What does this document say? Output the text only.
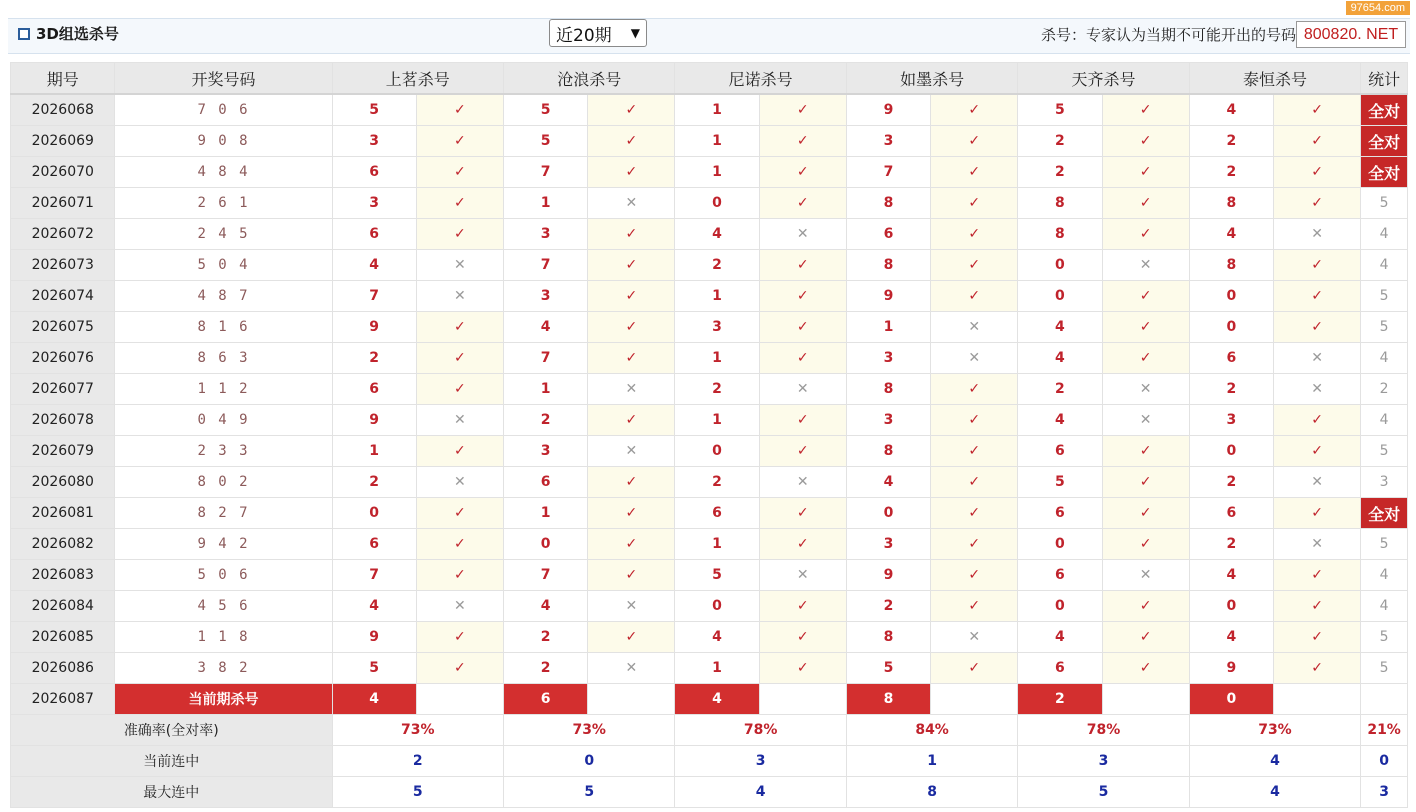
3D组选杀号	近20期 ▼	杀号：专家认为当期不可能开出的号码 800820. NET
97654.com
期号	开奖号码	上茗杀号		沧浪杀号		尼诺杀号		如墨杀号		天齐杀号		泰恒杀号		统计
2026068	7 0 6	5	✓	5	✓	1	✓	9	✓	5	✓	4	✓	全对
2026069	9 0 8	3	✓	5	✓	1	✓	3	✓	2	✓	2	✓	全对
2026070	4 8 4	6	✓	7	✓	1	✓	7	✓	2	✓	2	✓	全对
2026071	2 6 1	3	✓	1	✕	0	✓	8	✓	8	✓	8	✓	5
2026072	2 4 5	6	✓	3	✓	4	✕	6	✓	8	✓	4	✕	4
2026073	5 0 4	4	✕	7	✓	2	✓	8	✓	0	✕	8	✓	4
2026074	4 8 7	7	✕	3	✓	1	✓	9	✓	0	✓	0	✓	5
2026075	8 1 6	9	✓	4	✓	3	✓	1	✕	4	✓	0	✓	5
2026076	8 6 3	2	✓	7	✓	1	✓	3	✕	4	✓	6	✕	4
2026077	1 1 2	6	✓	1	✕	2	✕	8	✓	2	✕	2	✕	2
2026078	0 4 9	9	✕	2	✓	1	✓	3	✓	4	✕	3	✓	4
2026079	2 3 3	1	✓	3	✕	0	✓	8	✓	6	✓	0	✓	5
2026080	8 0 2	2	✕	6	✓	2	✕	4	✓	5	✓	2	✕	3
2026081	8 2 7	0	✓	1	✓	6	✓	0	✓	6	✓	6	✓	全对
2026082	9 4 2	6	✓	0	✓	1	✓	3	✓	0	✓	2	✕	5
2026083	5 0 6	7	✓	7	✓	5	✕	9	✓	6	✕	4	✓	4
2026084	4 5 6	4	✕	4	✕	0	✓	2	✓	0	✓	0	✓	4
2026085	1 1 8	9	✓	2	✓	4	✓	8	✕	4	✓	4	✓	5
2026086	3 8 2	5	✓	2	✕	1	✓	5	✓	6	✓	9	✓	5
2026087	当前期杀号	4		6		4		8		2		0		
准确率(全对率)		73%		73%		78%		84%		78%		73%		21%
当前连中		2		0		3		1		3		4		0
最大连中		5		5		4		8		5		4		3
